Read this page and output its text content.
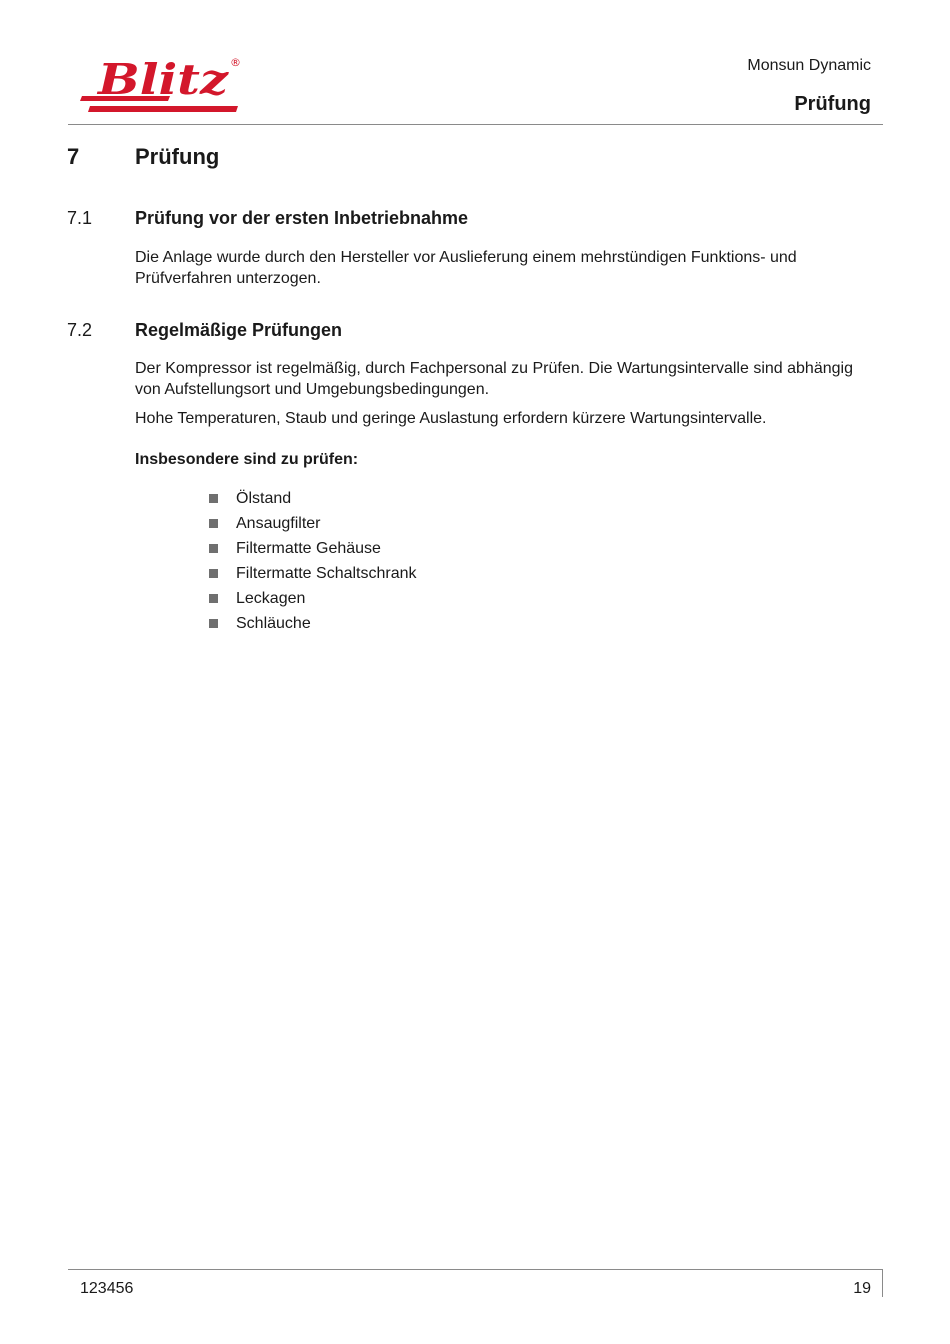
Blitz ®	Monsun Dynamic
Prüfung
7	Prüfung
7.1 Prüfung vor der ersten Inbetriebnahme
Die Anlage wurde durch den Hersteller vor Auslieferung einem mehrstündigen Funktions- und Prüfverfahren unterzogen.
7.2 Regelmäßige Prüfungen
Der Kompressor ist regelmäßig, durch Fachpersonal zu Prüfen. Die Wartungsintervalle sind abhängig von Aufstellungsort und Umgebungsbedingungen.
Hohe Temperaturen, Staub und geringe Auslastung erfordern kürzere Wartungsintervalle.
Insbesondere sind zu prüfen:
Ölstand
Ansaugfilter
Filtermatte Gehäuse
Filtermatte Schaltschrank
Leckagen
Schläuche
123456	19
